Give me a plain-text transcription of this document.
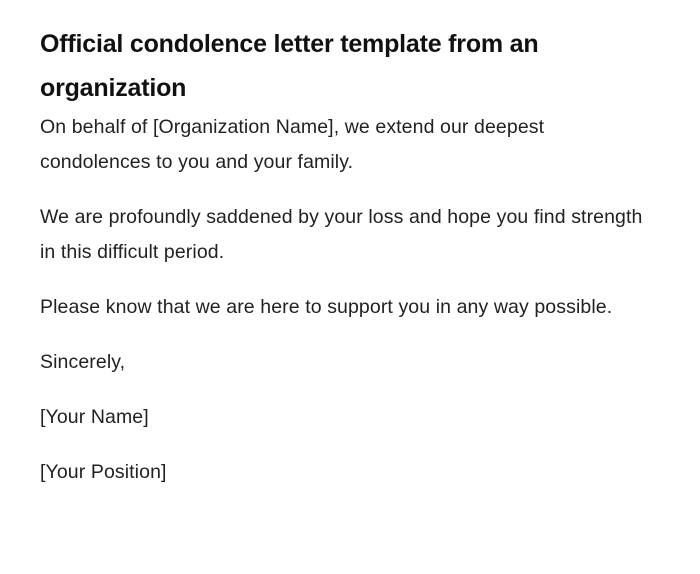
Official condolence letter template from an organization

On behalf of [Organization Name], we extend our deepest condolences to you and your family.

We are profoundly saddened by your loss and hope you find strength in this difficult period.

Please know that we are here to support you in any way possible.

Sincerely,

[Your Name]

[Your Position]
